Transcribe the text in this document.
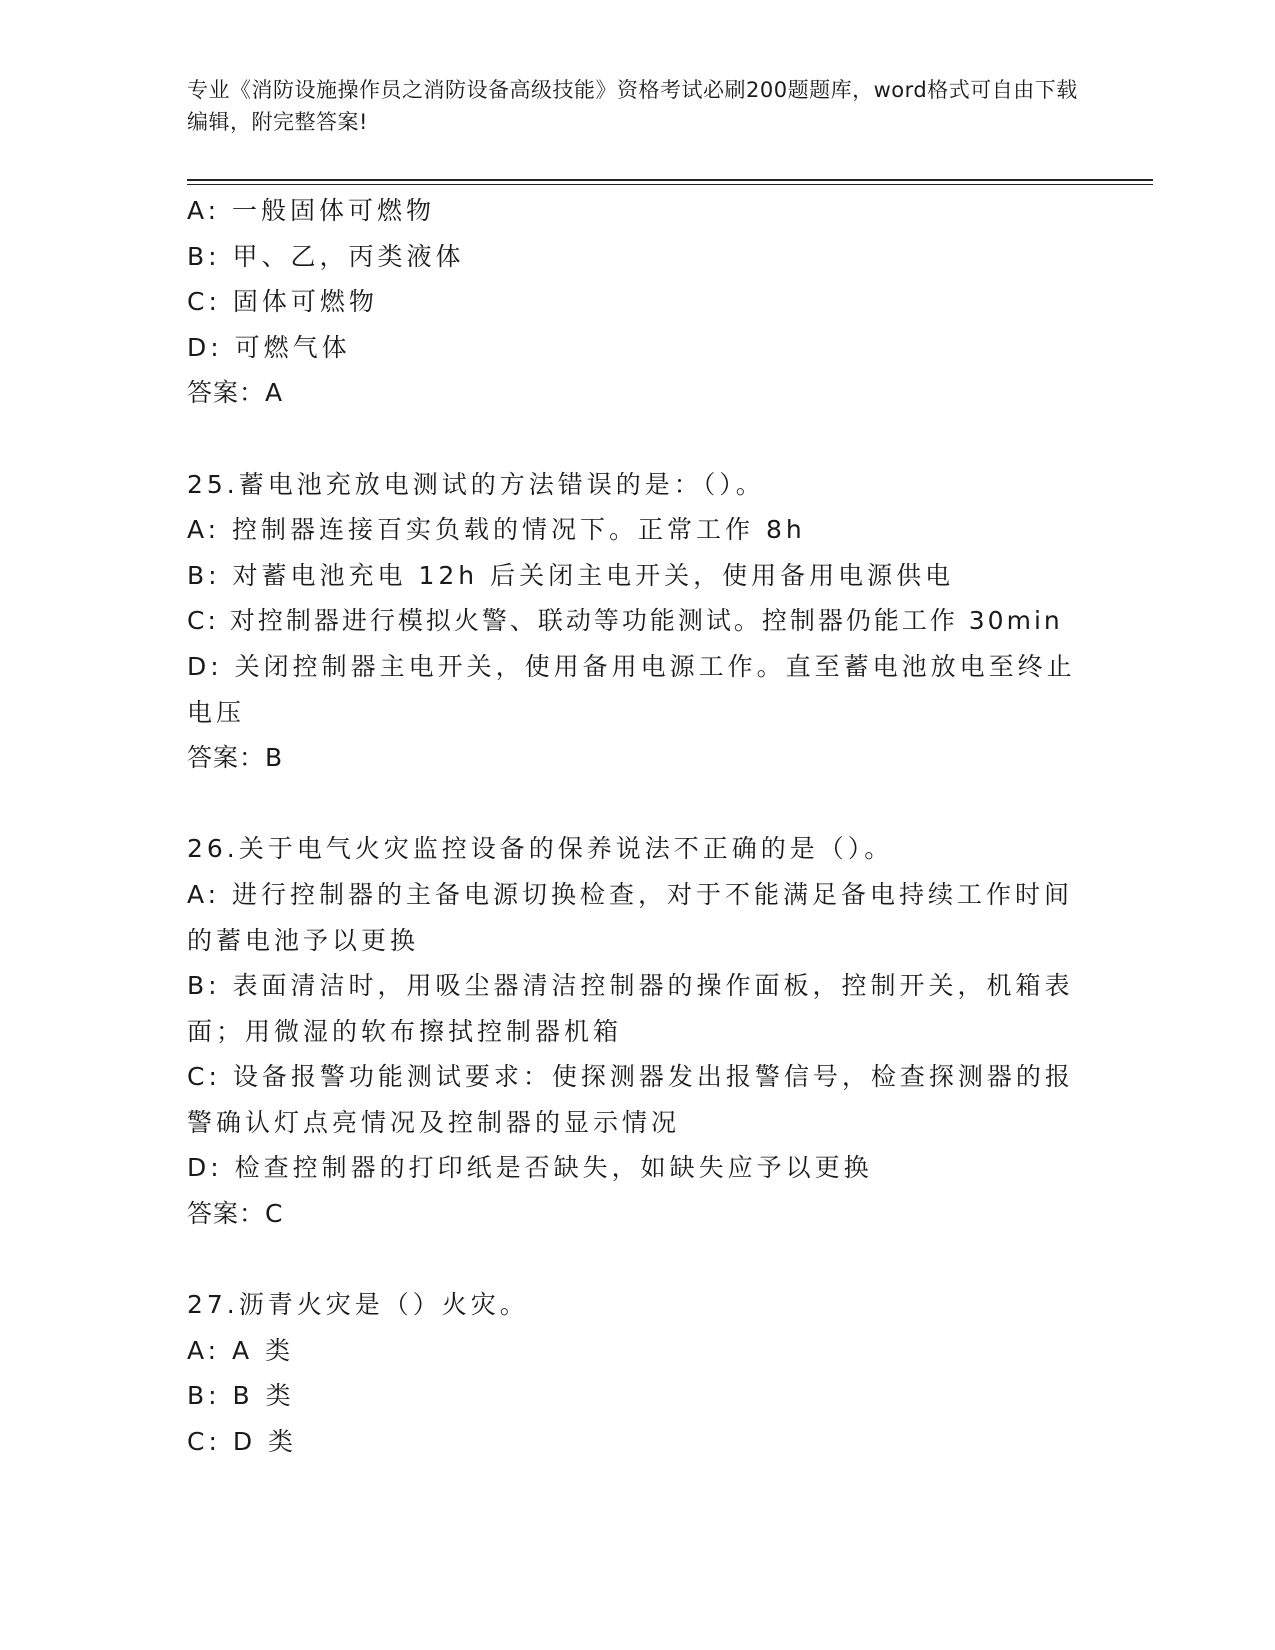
专业《消防设施操作员之消防设备高级技能》资格考试必刷200题题库，word格式可自由下载编辑，附完整答案!
A: 一般固体可燃物
B: 甲、乙，丙类液体
C: 固体可燃物
D: 可燃气体
答案：A
25.蓄电池充放电测试的方法错误的是：（）。
A: 控制器连接百实负载的情况下。正常工作 8h
B: 对蓄电池充电 12h 后关闭主电开关，使用备用电源供电
C: 对控制器进行模拟火警、联动等功能测试。控制器仍能工作 30min
D: 关闭控制器主电开关，使用备用电源工作。直至蓄电池放电至终止电压
答案：B
26.关于电气火灾监控设备的保养说法不正确的是（）。
A: 进行控制器的主备电源切换检查，对于不能满足备电持续工作时间的蓄电池予以更换
B: 表面清洁时，用吸尘器清洁控制器的操作面板，控制开关，机箱表面；用微湿的软布擦拭控制器机箱
C: 设备报警功能测试要求：使探测器发出报警信号，检查探测器的报警确认灯点亮情况及控制器的显示情况
D: 检查控制器的打印纸是否缺失，如缺失应予以更换
答案：C
27.沥青火灾是（）火灾。
A: A 类
B: B 类
C: D 类
